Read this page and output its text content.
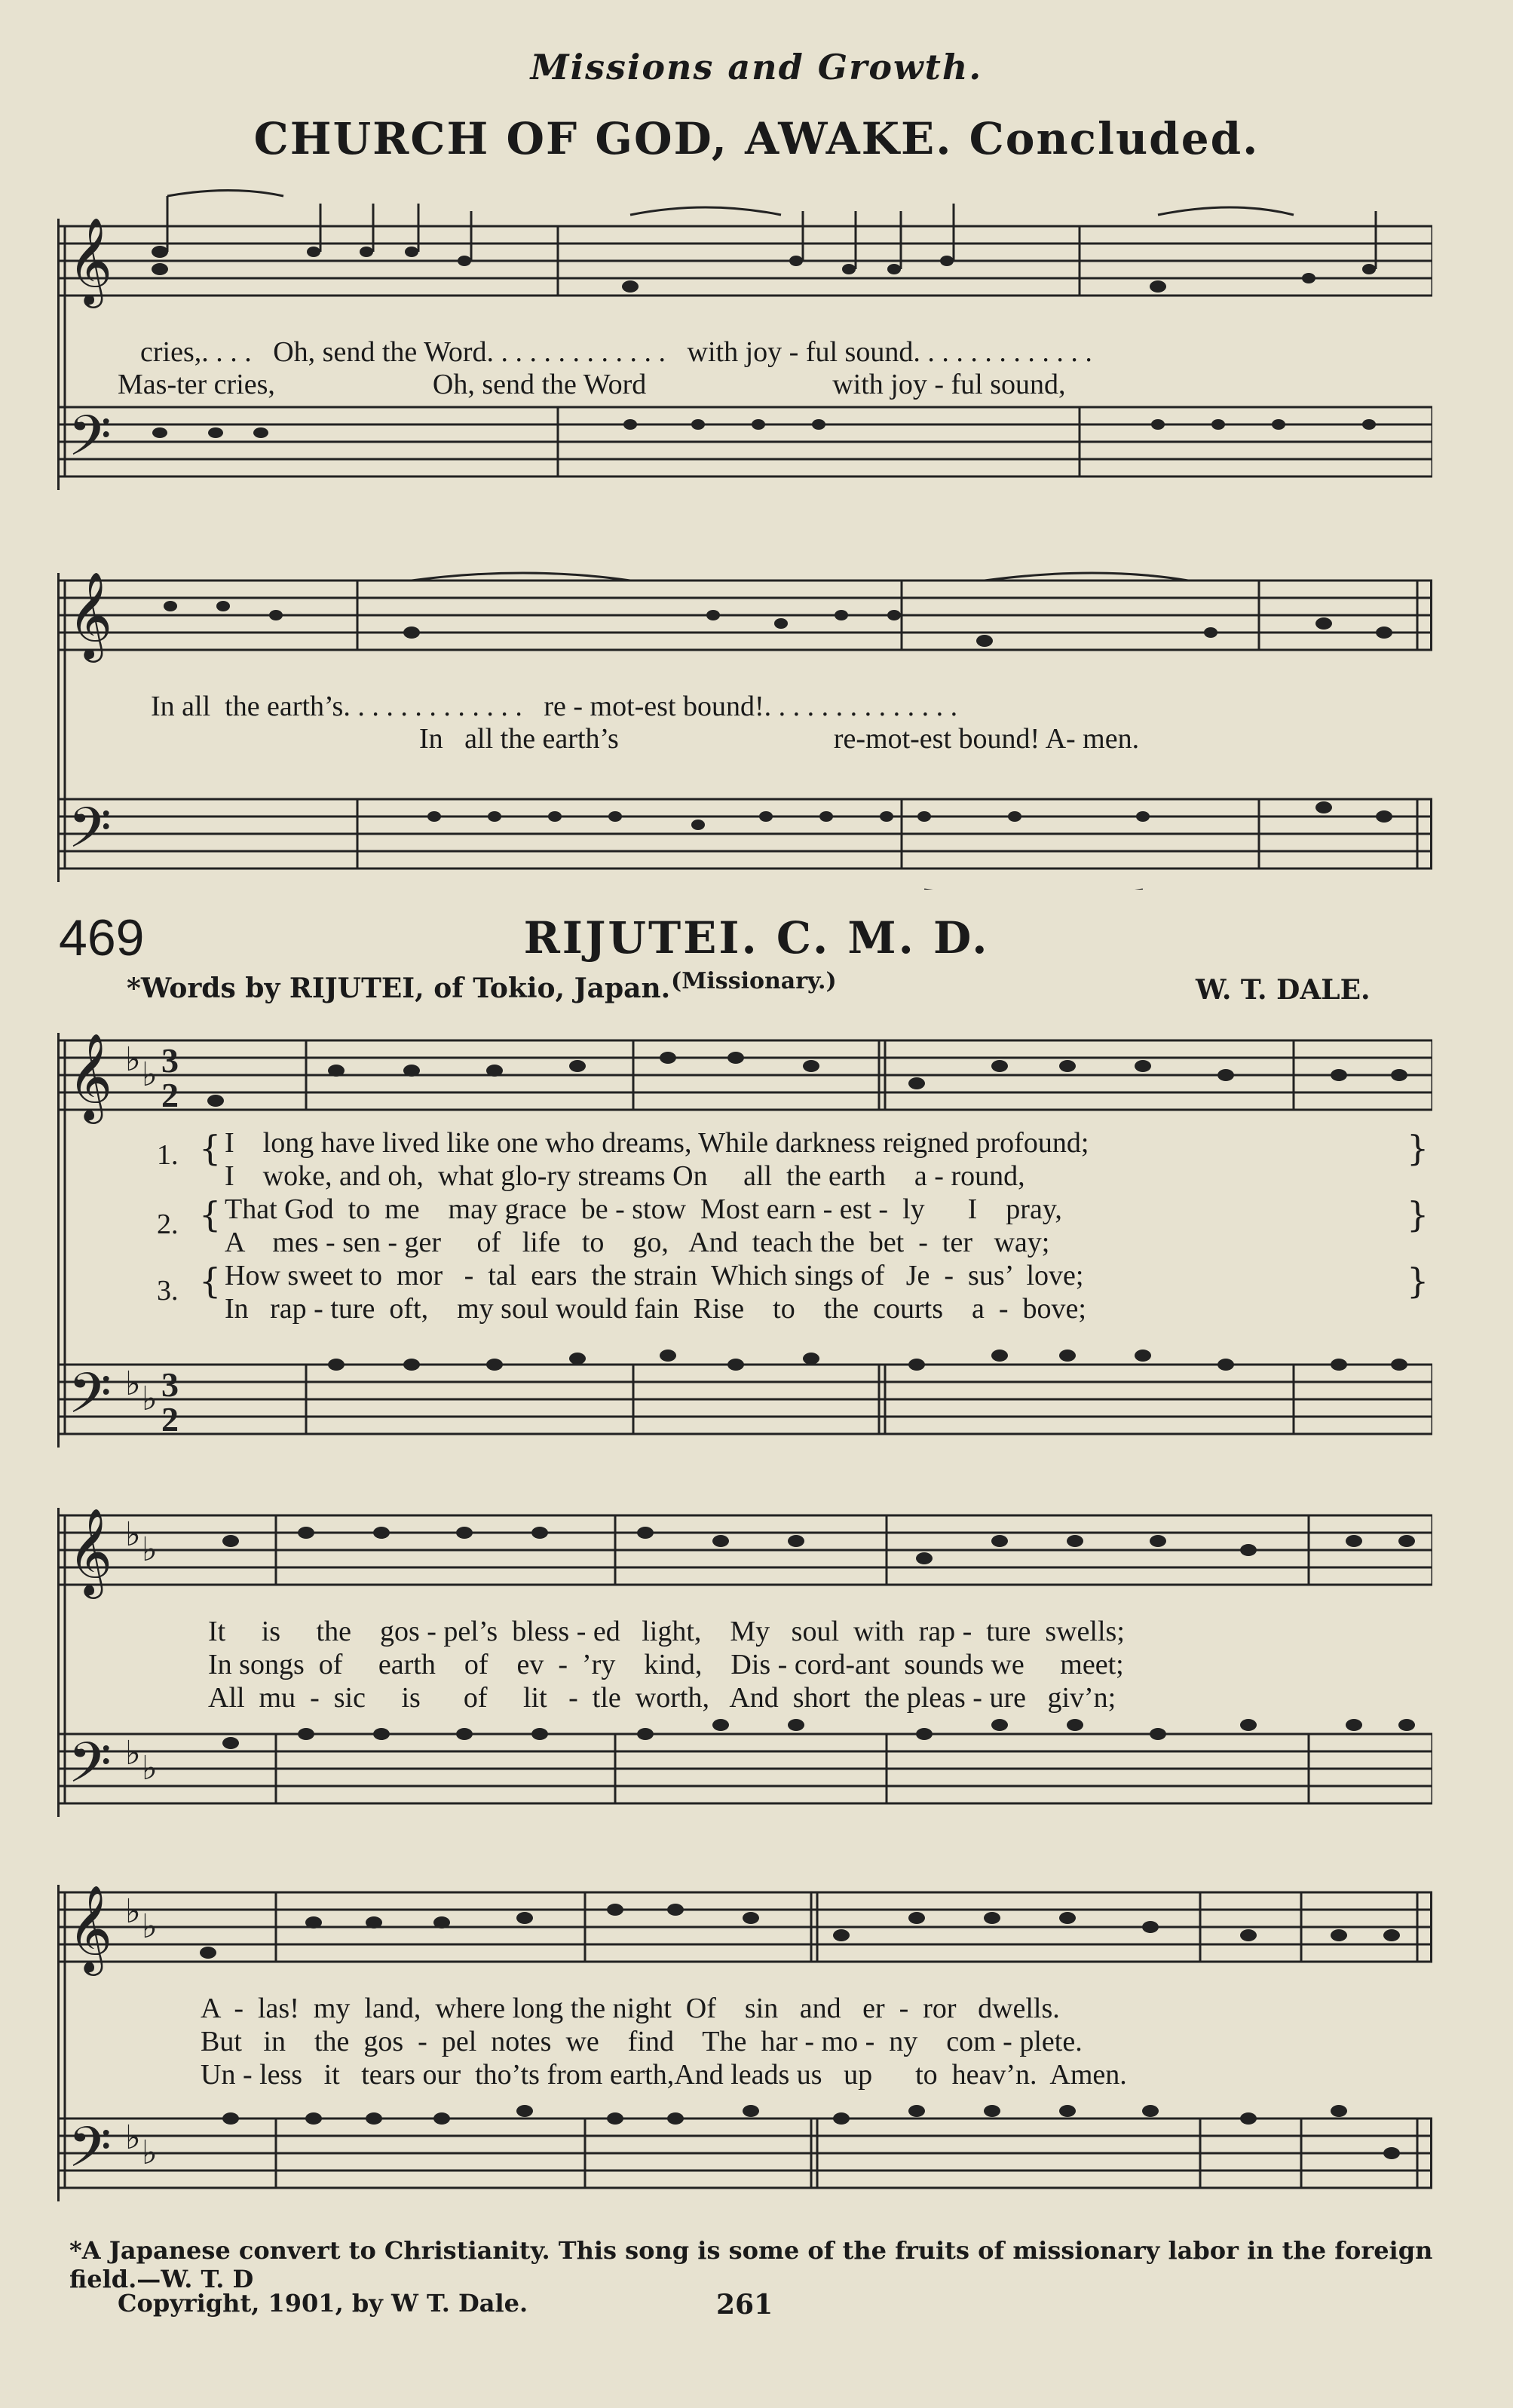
Missions and Growth.
CHURCH OF GOD, AWAKE. Concluded.
𝄞
𝄢
cries,. . . .   Oh, send the Word. . . . . . . . . . . . .   with joy - ful sound. . . . . . . . . . . . .
Mas-ter cries,                      Oh, send the Word                          with joy - ful sound,
𝄞
𝄢
In all  the earth’s. . . . . . . . . . . . .   re - mot-est bound!. . . . . . . . . . . . . .
In   all the earth’s                              re-mot-est bound! A- men.
469	RIJUTEI. C. M. D.
*Words by RIJUTEI, of Tokio, Japan. (Missionary.)	W. T. DALE.
𝄞
𝄢
♭ ♭
♭ ♭
3
2
3
2
1. { I    long have lived like one who dreams, While darkness reigned profound;
I    woke, and oh,  what glo-ry streams On     all  the earth    a - round,
}
2. { That God  to  me    may grace  be - stow  Most earn - est -  ly      I    pray,
A    mes - sen - ger     of   life   to    go,   And  teach the  bet  -  ter   way;
}
3. { How sweet to  mor   -  tal  ears  the strain  Which sings of   Je  -  sus’  love;
In   rap - ture  oft,    my soul would fain  Rise    to    the  courts    a  -  bove;
}
𝄞
𝄢
♭ ♭
♭ ♭
It     is     the    gos - pel’s  bless - ed   light,    My   soul  with  rap -  ture  swells;
In songs  of     earth    of    ev  -  ’ry    kind,    Dis - cord-ant  sounds we     meet;
All  mu  -  sic     is      of     lit   -  tle  worth,   And  short  the pleas - ure   giv’n;
𝄞
𝄢
♭ ♭
♭ ♭
A  -  las!  my  land,  where long the night  Of    sin   and   er  -  ror   dwells.
But   in    the  gos  -  pel  notes  we    find    The  har - mo -  ny    com - plete.
Un - less   it   tears our  tho’ts from earth,And leads us   up      to  heav’n.  Amen.
*A Japanese convert to Christianity. This song is some of the fruits of missionary labor in the foreign field.—W. T. D
Copyright, 1901, by W T. Dale.	261
